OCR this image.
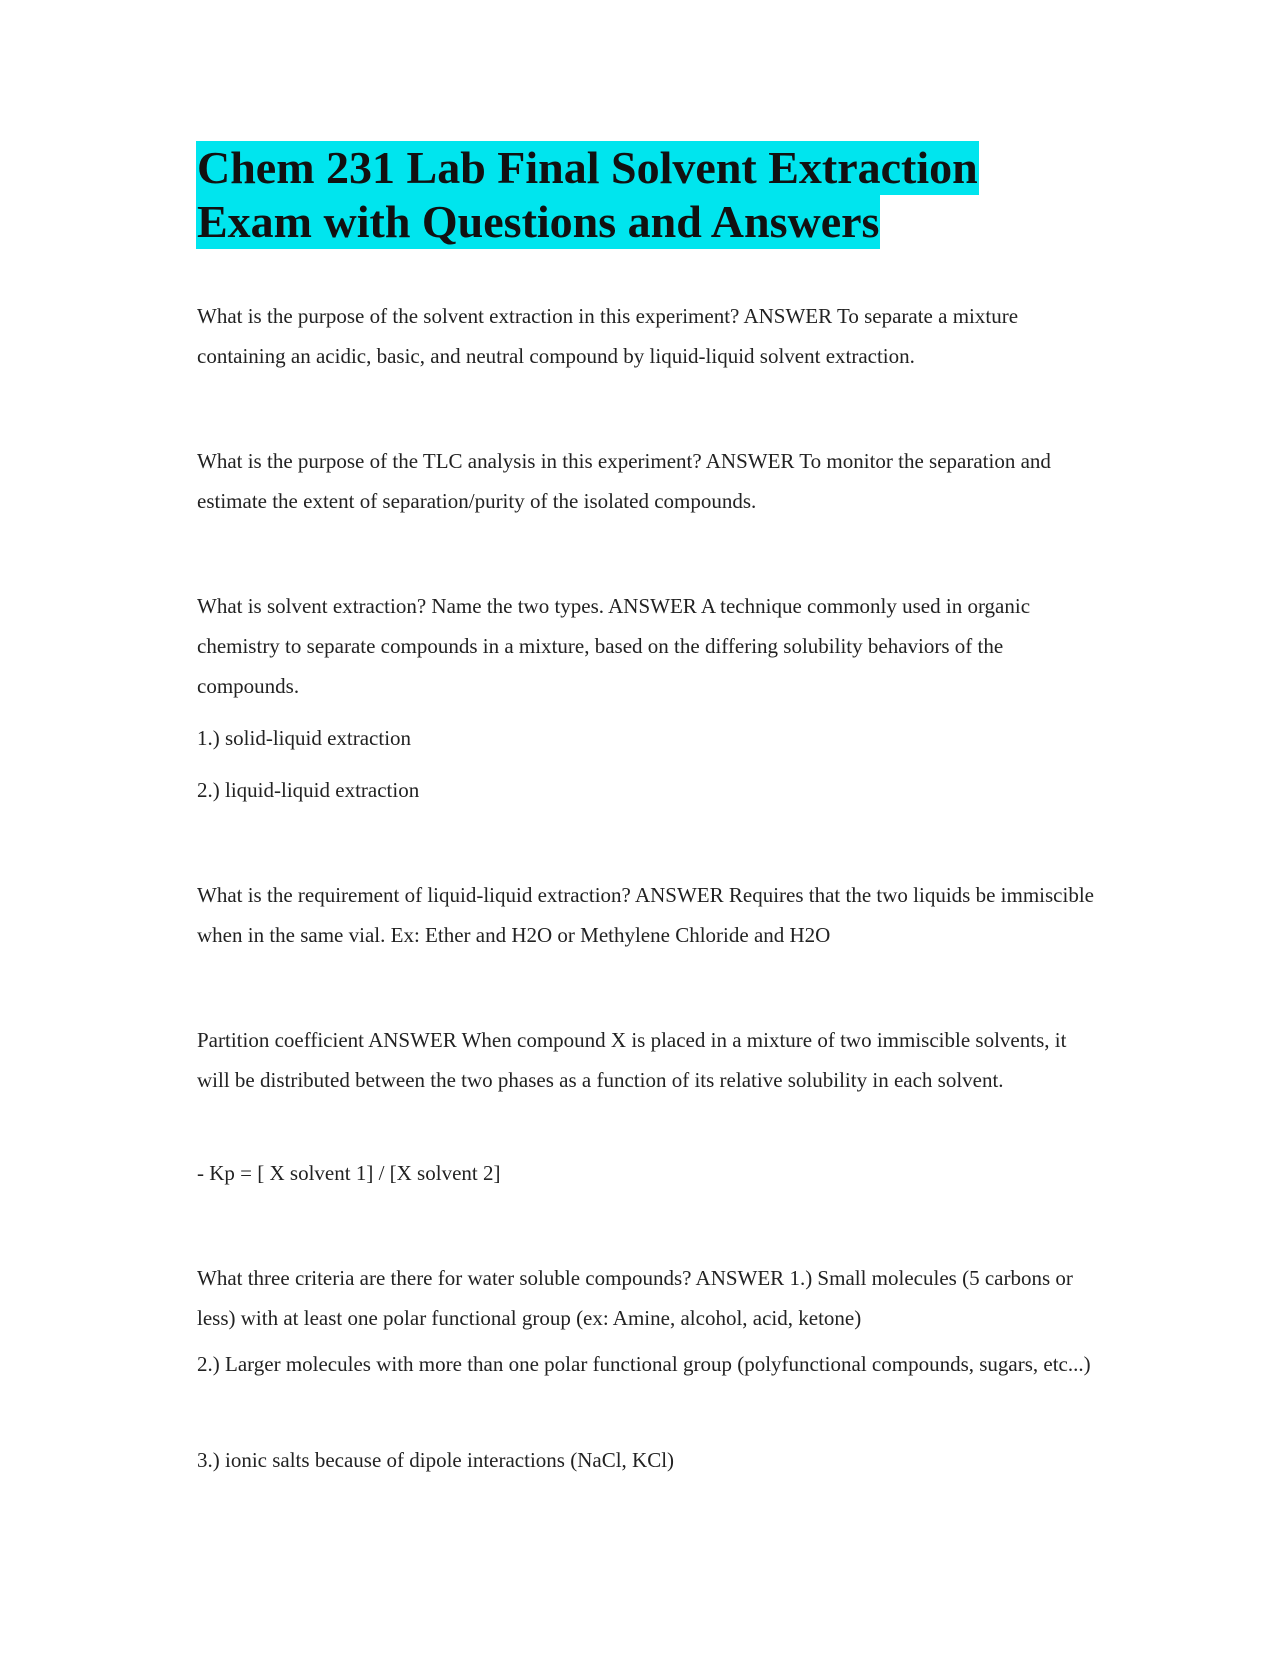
Chem 231 Lab Final Solvent Extraction
Exam with Questions and Answers

What is the purpose of the solvent extraction in this experiment? ANSWER To separate a mixture containing an acidic, basic, and neutral compound by liquid-liquid solvent extraction.

What is the purpose of the TLC analysis in this experiment? ANSWER To monitor the separation and estimate the extent of separation/purity of the isolated compounds.

What is solvent extraction? Name the two types. ANSWER A technique commonly used in organic chemistry to separate compounds in a mixture, based on the differing solubility behaviors of the compounds.

1.) solid-liquid extraction

2.) liquid-liquid extraction

What is the requirement of liquid-liquid extraction? ANSWER Requires that the two liquids be immiscible when in the same vial. Ex: Ether and H2O or Methylene Chloride and H2O

Partition coefficient ANSWER When compound X is placed in a mixture of two immiscible solvents, it will be distributed between the two phases as a function of its relative solubility in each solvent.

- Kp = [ X solvent 1] / [X solvent 2]

What three criteria are there for water soluble compounds? ANSWER 1.) Small molecules (5 carbons or less) with at least one polar functional group (ex: Amine, alcohol, acid, ketone)

2.) Larger molecules with more than one polar functional group (polyfunctional compounds, sugars, etc...)

3.) ionic salts because of dipole interactions (NaCl, KCl)
